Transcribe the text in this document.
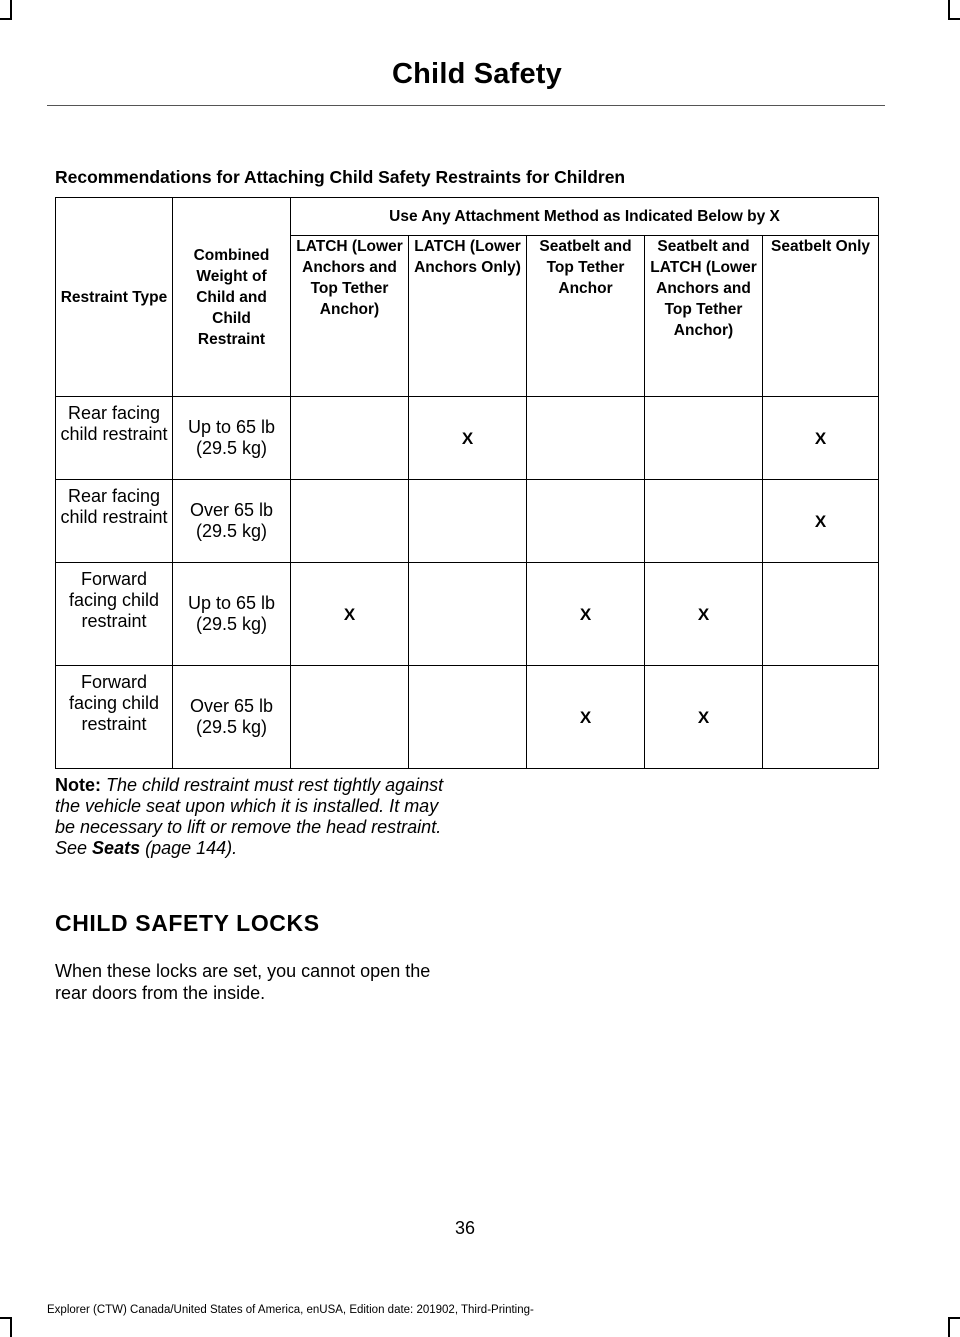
Child Safety
Recommendations for Attaching Child Safety Restraints for Children
Restraint Type	Combined Weight of Child and Child Restraint	Use Any Attachment Method as Indicated Below by X				
		LATCH (Lower Anchors and Top Tether Anchor)	LATCH (Lower Anchors Only)	Seatbelt and Top Tether Anchor	Seatbelt and LATCH (Lower Anchors and Top Tether Anchor)	Seatbelt Only
Rear facing child restraint	Up to 65 lb (29.5 kg)		X			X
Rear facing child restraint	Over 65 lb (29.5 kg)					X
Forward facing child restraint	Up to 65 lb (29.5 kg)	X		X	X	
Forward facing child restraint	Over 65 lb (29.5 kg)			X	X	
Note: The child restraint must rest tightly against the vehicle seat upon which it is installed. It may be necessary to lift or remove the head restraint. See Seats (page 144).
CHILD SAFETY LOCKS
When these locks are set, you cannot open the rear doors from the inside.
36
Explorer (CTW) Canada/United States of America, enUSA, Edition date: 201902, Third-Printing-
